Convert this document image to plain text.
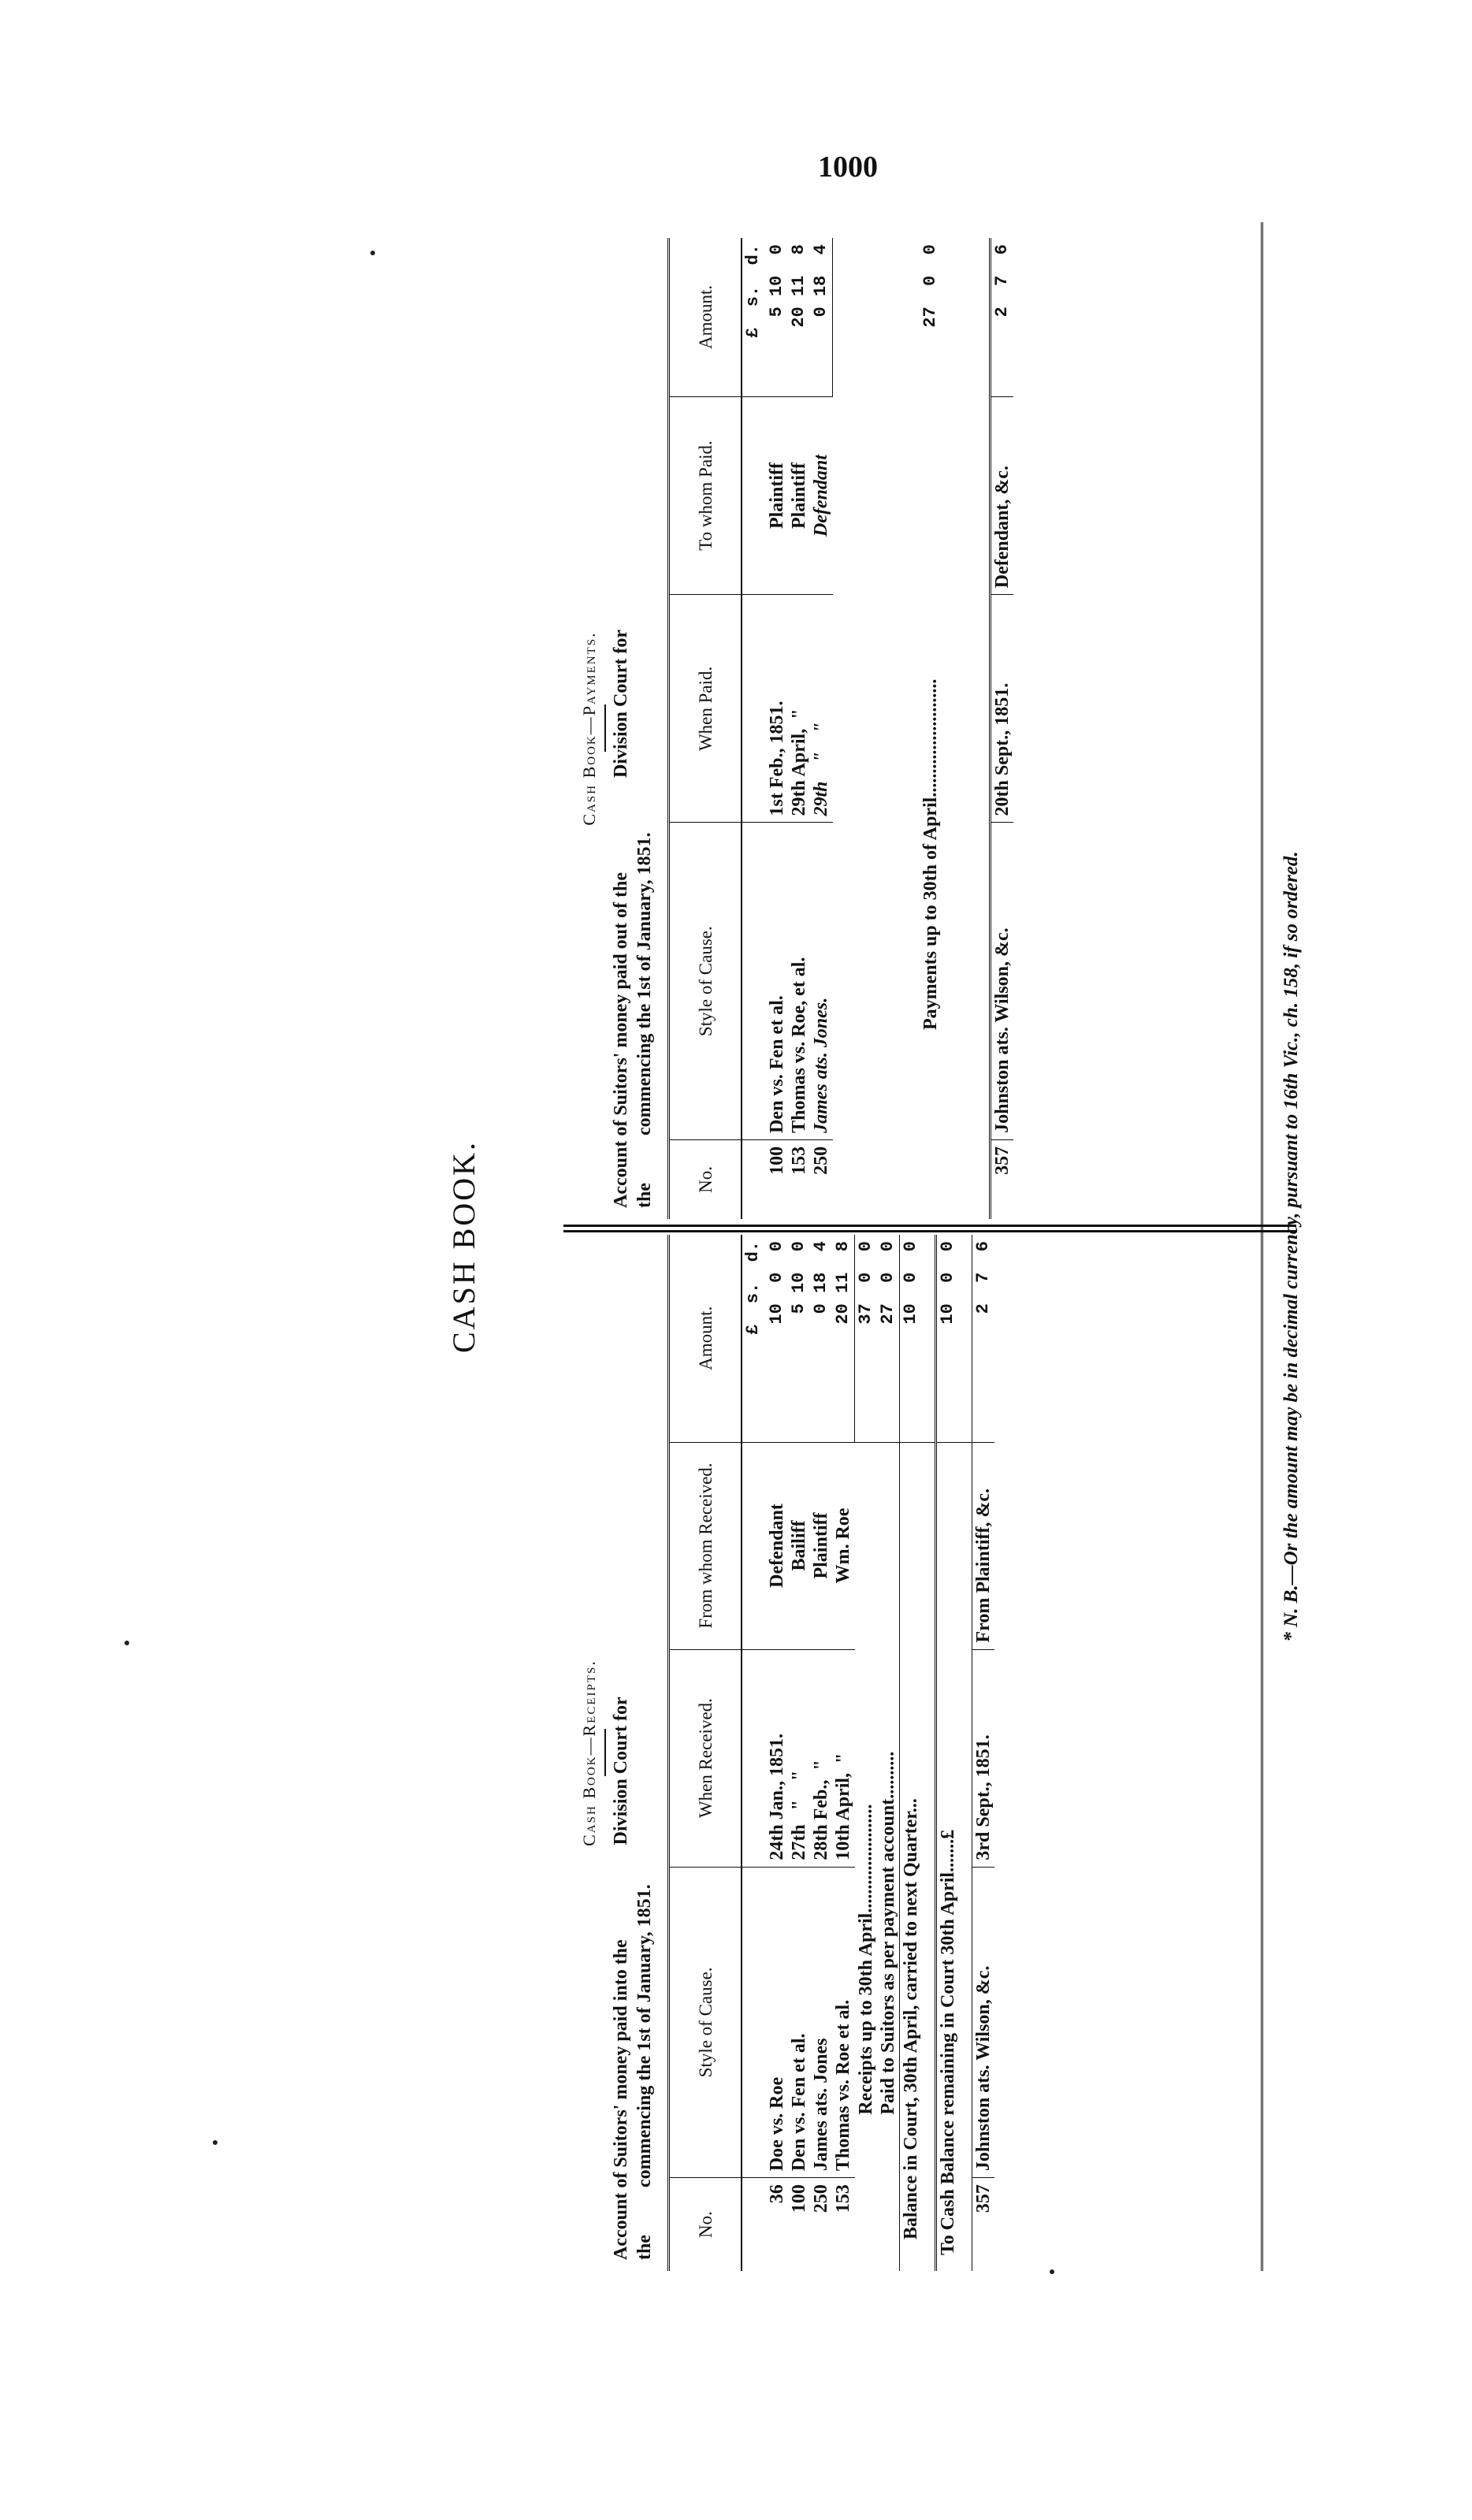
1000
CASH BOOK.
Cash Book—Receipts. Account of Suitors' money paid into the                    Division Court for the          commencing the 1st of January, 1851. No.	Style of Cause.	When Received.	From whom Received.	Amount.
				£  s.  d.
36	Doe vs. Roe	24th Jan., 1851.	Defendant	10  0  0
100	Den vs. Fen et al.	27th   "    "	Bailiff	5 10  0
250	James ats. Jones	28th Feb.,  "	Plaintiff	0 18  4
153	Thomas vs. Roe et al.	10th April,  "	Wm. Roe	20 11  8
	Receipts up to 30th April.......................			37  0  0
	Paid to Suitors as per payment account..........			27  0  0
Balance in Court, 30th April, carried to next Quarter...				10  0  0
To Cash Balance remaining in Court 30th April.......£				10  0  0
357	Johnston ats. Wilson, &c.	3rd Sept., 1851.	From Plaintiff, &c.	2  7  6
Cash Book—Payments. Account of Suitors' money paid out of the                    Division Court for the          commencing the 1st of January, 1851. No.	Style of Cause.	When Paid.	To whom Paid.	Amount.
				£  s.  d.
100	Den vs. Fen et al.	1st Feb., 1851.	Plaintiff	5 10  0
153	Thomas vs. Roe, et al.	29th April,  "	Plaintiff	20 11  8
250	James ats. Jones.	29th    "    "	Defendant	0 18  4
Payments up to 30th of April.........................				27  0  0
357	Johnston ats. Wilson, &c.	20th Sept., 1851.	Defendant, &c.	2  7  6
* N. B.—Or the amount may be in decimal currency, pursuant to 16th Vic., ch. 158, if so ordered.
